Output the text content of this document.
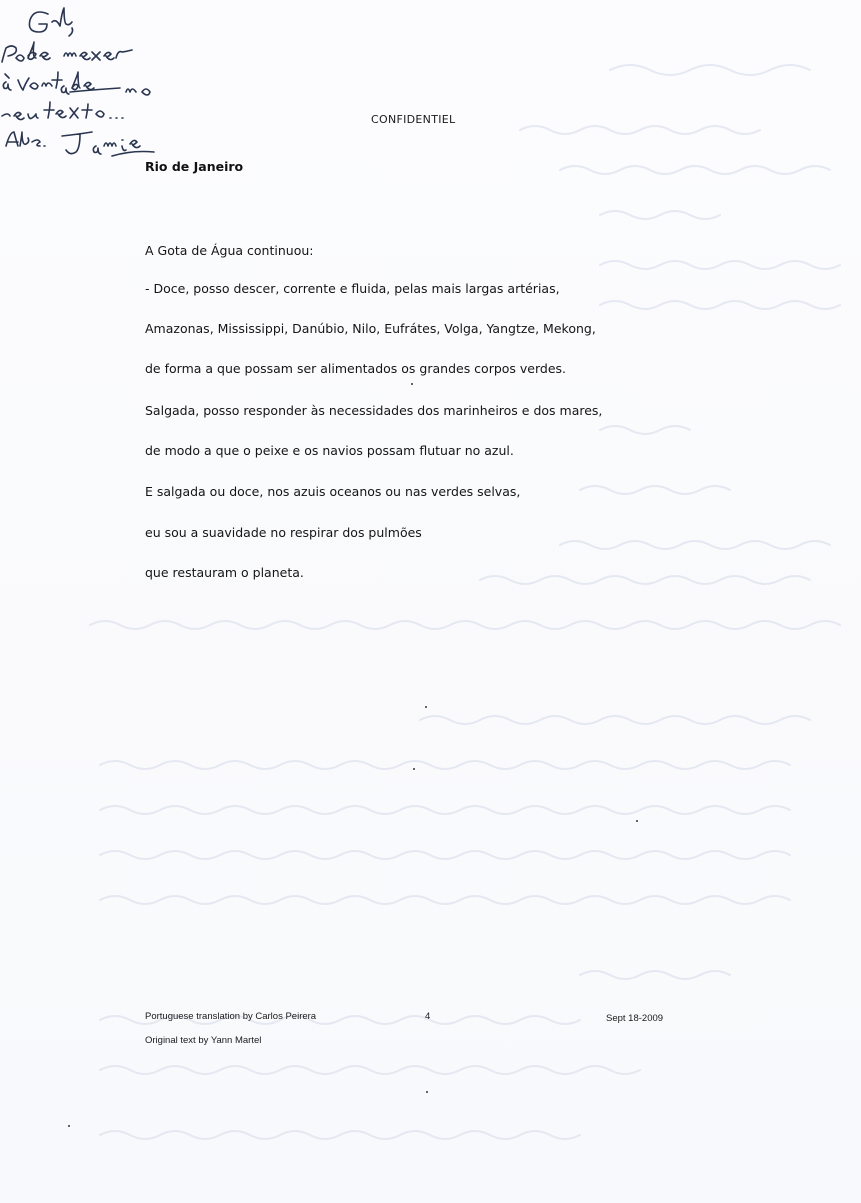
CONFIDENTIEL
Rio de Janeiro
A Gota de Água continuou:
- Doce, posso descer, corrente e fluida, pelas mais largas artérias,
Amazonas, Mississippi, Danúbio, Nilo, Eufrátes, Volga, Yangtze, Mekong,
de forma a que possam ser alimentados os grandes corpos verdes.
Salgada, posso responder às necessidades dos marinheiros e dos mares,
de modo a que o peixe e os navios possam flutuar no azul.
E salgada ou doce, nos azuis oceanos ou nas verdes selvas,
eu sou a suavidade no respirar dos pulmões
que restauram o planeta.
Portuguese translation by Carlos Peirera	4	Sept 18-2009
Original text by Yann Martel
